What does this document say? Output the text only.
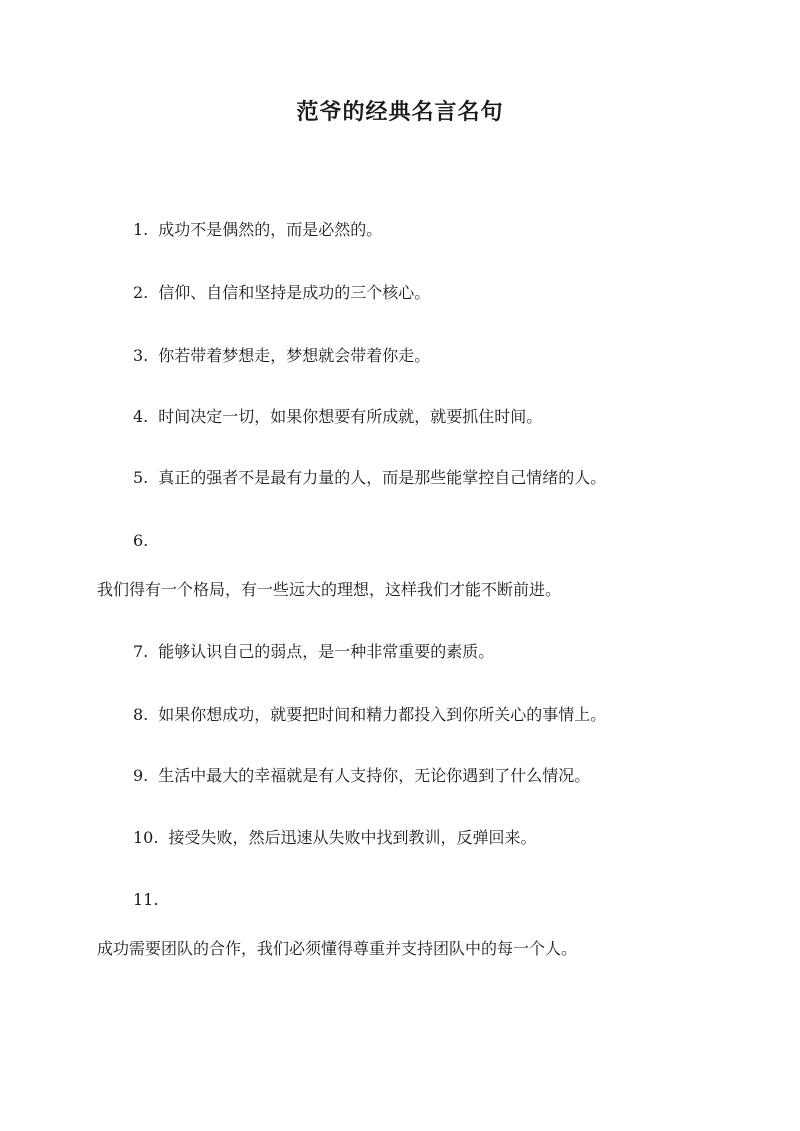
范爷的经典名言名句
1. 成功不是偶然的，而是必然的。
2. 信仰、自信和坚持是成功的三个核心。
3. 你若带着梦想走，梦想就会带着你走。
4. 时间决定一切，如果你想要有所成就，就要抓住时间。
5. 真正的强者不是最有力量的人，而是那些能掌控自己情绪的人。
6.
我们得有一个格局，有一些远大的理想，这样我们才能不断前进。
7. 能够认识自己的弱点，是一种非常重要的素质。
8. 如果你想成功，就要把时间和精力都投入到你所关心的事情上。
9. 生活中最大的幸福就是有人支持你，无论你遇到了什么情况。
10. 接受失败，然后迅速从失败中找到教训，反弹回来。
11.
成功需要团队的合作，我们必须懂得尊重并支持团队中的每一个人。
